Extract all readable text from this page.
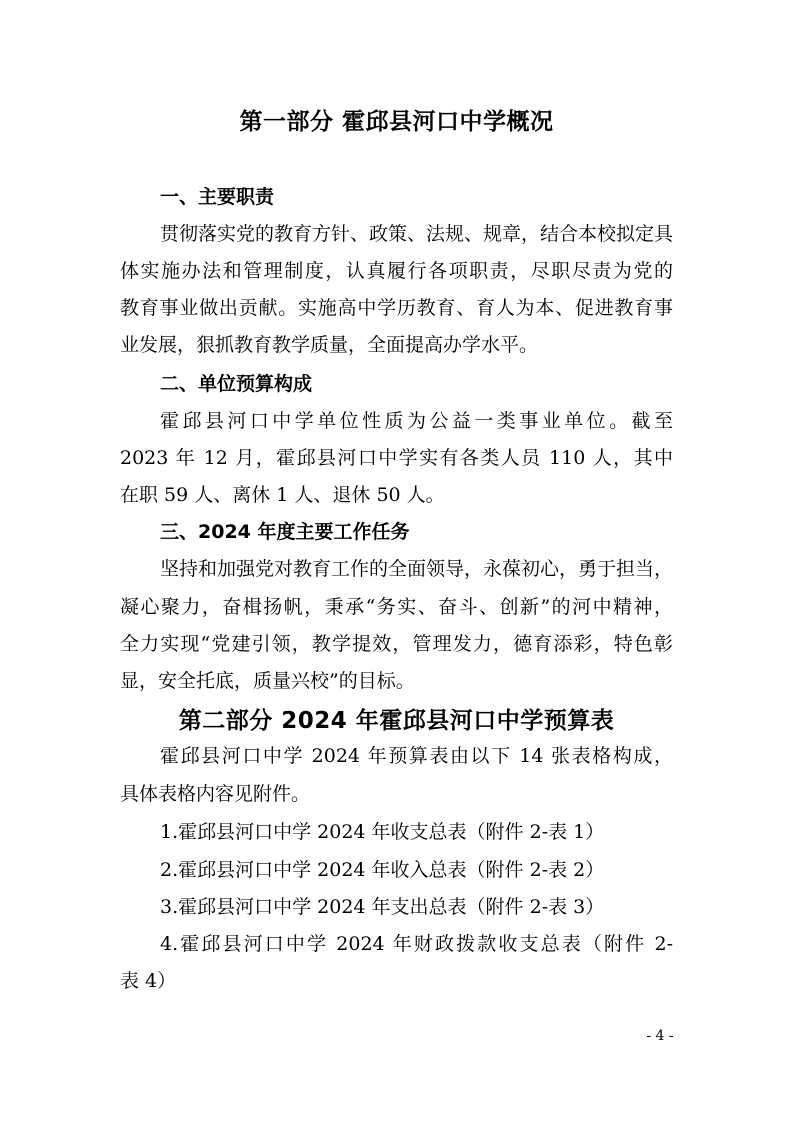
第一部分 霍邱县河口中学概况
一、主要职责
贯彻落实党的教育方针、政策、法规、规章，结合本校拟定具
体实施办法和管理制度，认真履行各项职责，尽职尽责为党的
教育事业做出贡献。实施高中学历教育、育人为本、促进教育事
业发展，狠抓教育教学质量，全面提高办学水平。
二、单位预算构成
霍邱县河口中学单位性质为公益一类事业单位。截至
2023 年 12 月，霍邱县河口中学实有各类人员 110 人，其中
在职 59 人、离休 1 人、退休 50 人。
三、2024 年度主要工作任务
坚持和加强党对教育工作的全面领导，永葆初心，勇于担当，
凝心聚力，奋楫扬帆，秉承“务实、奋斗、创新”的河中精神，
全力实现“党建引领，教学提效，管理发力，德育添彩，特色彰
显，安全托底，质量兴校”的目标。
第二部分 2024 年霍邱县河口中学预算表
霍邱县河口中学 2024 年预算表由以下 14 张表格构成，
具体表格内容见附件。
1.霍邱县河口中学 2024 年收支总表（附件 2-表 1）
2.霍邱县河口中学 2024 年收入总表（附件 2-表 2）
3.霍邱县河口中学 2024 年支出总表（附件 2-表 3）
4.霍邱县河口中学 2024 年财政拨款收支总表（附件 2-
表 4）
- 4 -
